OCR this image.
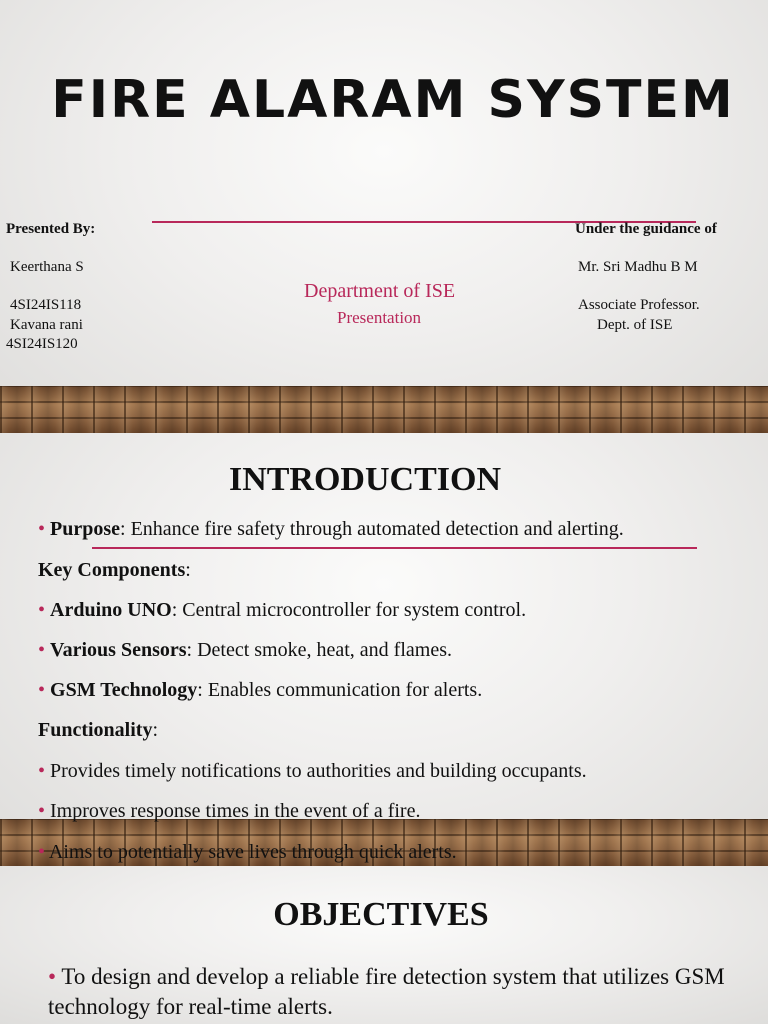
FIRE ALARAM SYSTEM
Presented By:
Keerthana S
4SI24IS118
Kavana rani
4SI24IS120
Department of ISE
Presentation
Under the guidance of
Mr. Sri Madhu B M
Associate Professor.
Dept. of ISE
INTRODUCTION
• Purpose: Enhance fire safety through automated detection and alerting.
Key Components:
• Arduino UNO: Central microcontroller for system control.
• Various Sensors: Detect smoke, heat, and flames.
• GSM Technology: Enables communication for alerts.
Functionality:
• Provides timely notifications to authorities and building occupants.
• Aims to potentially save lives through quick alerts.
• Improves response times in the event of a fire.
OBJECTIVES
• To design and develop a reliable fire detection system that utilizes GSM technology for real-time alerts.
